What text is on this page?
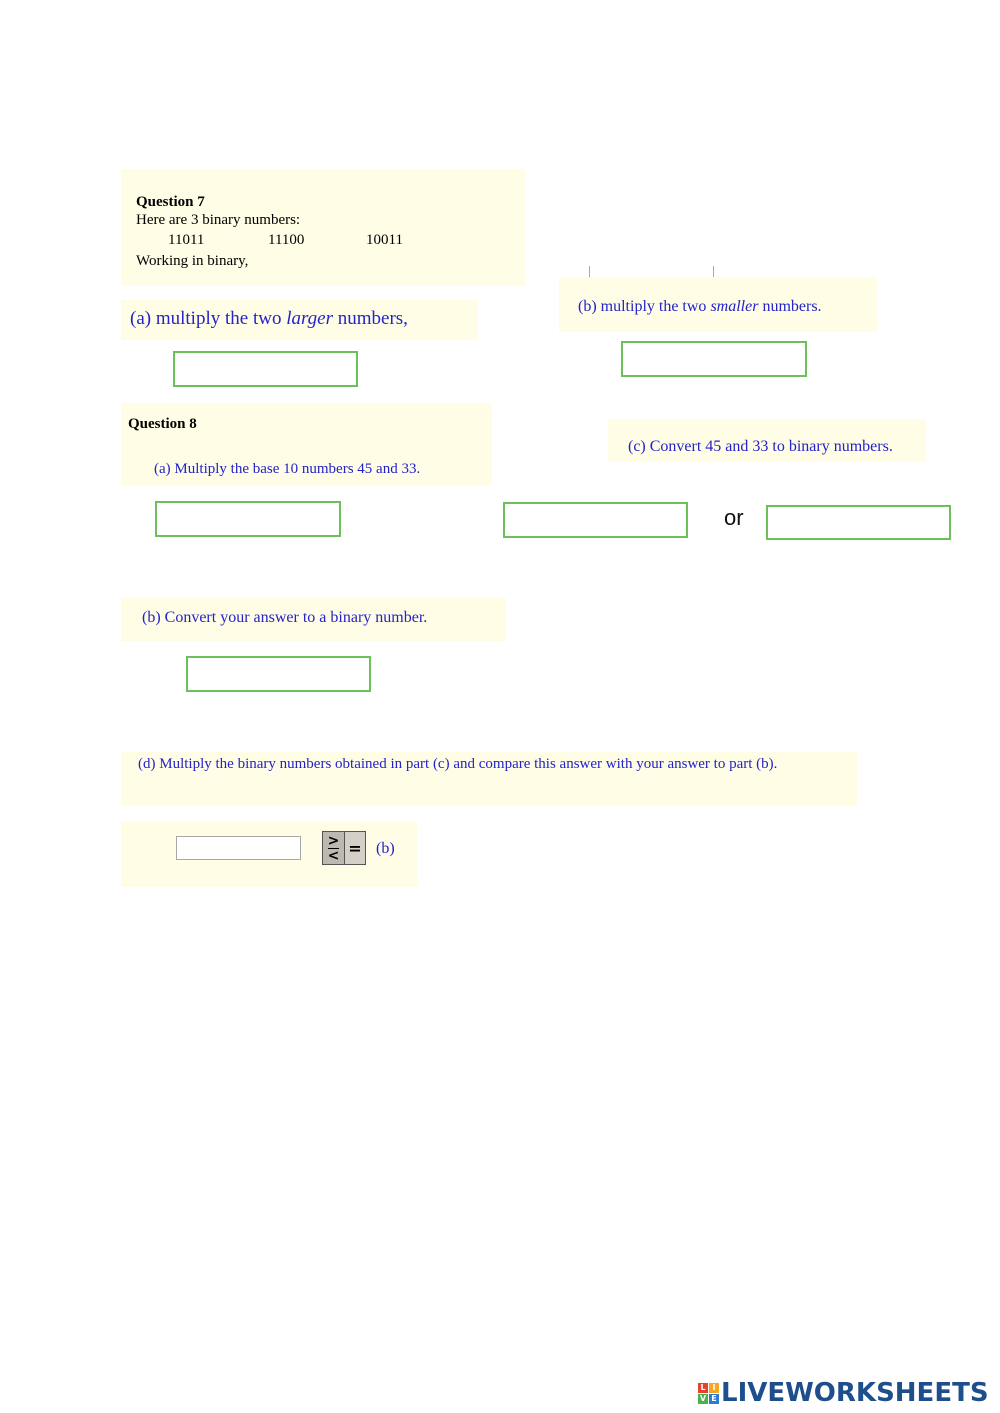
Question 7
Here are 3 binary numbers:
11011	11100	10011
Working in binary,
(a) multiply the two larger numbers,
(b) multiply the two smaller numbers.
Question 8
(a) Multiply the base 10 numbers 45 and 33.
(c) Convert 45 and 33 to binary numbers.
or
(b) Convert your answer to a binary number.
(d) Multiply the binary numbers obtained in part (c) and compare this answer with your answer to part (b).
>
< = (b)
L I
V E LIVEWORKSHEETS
